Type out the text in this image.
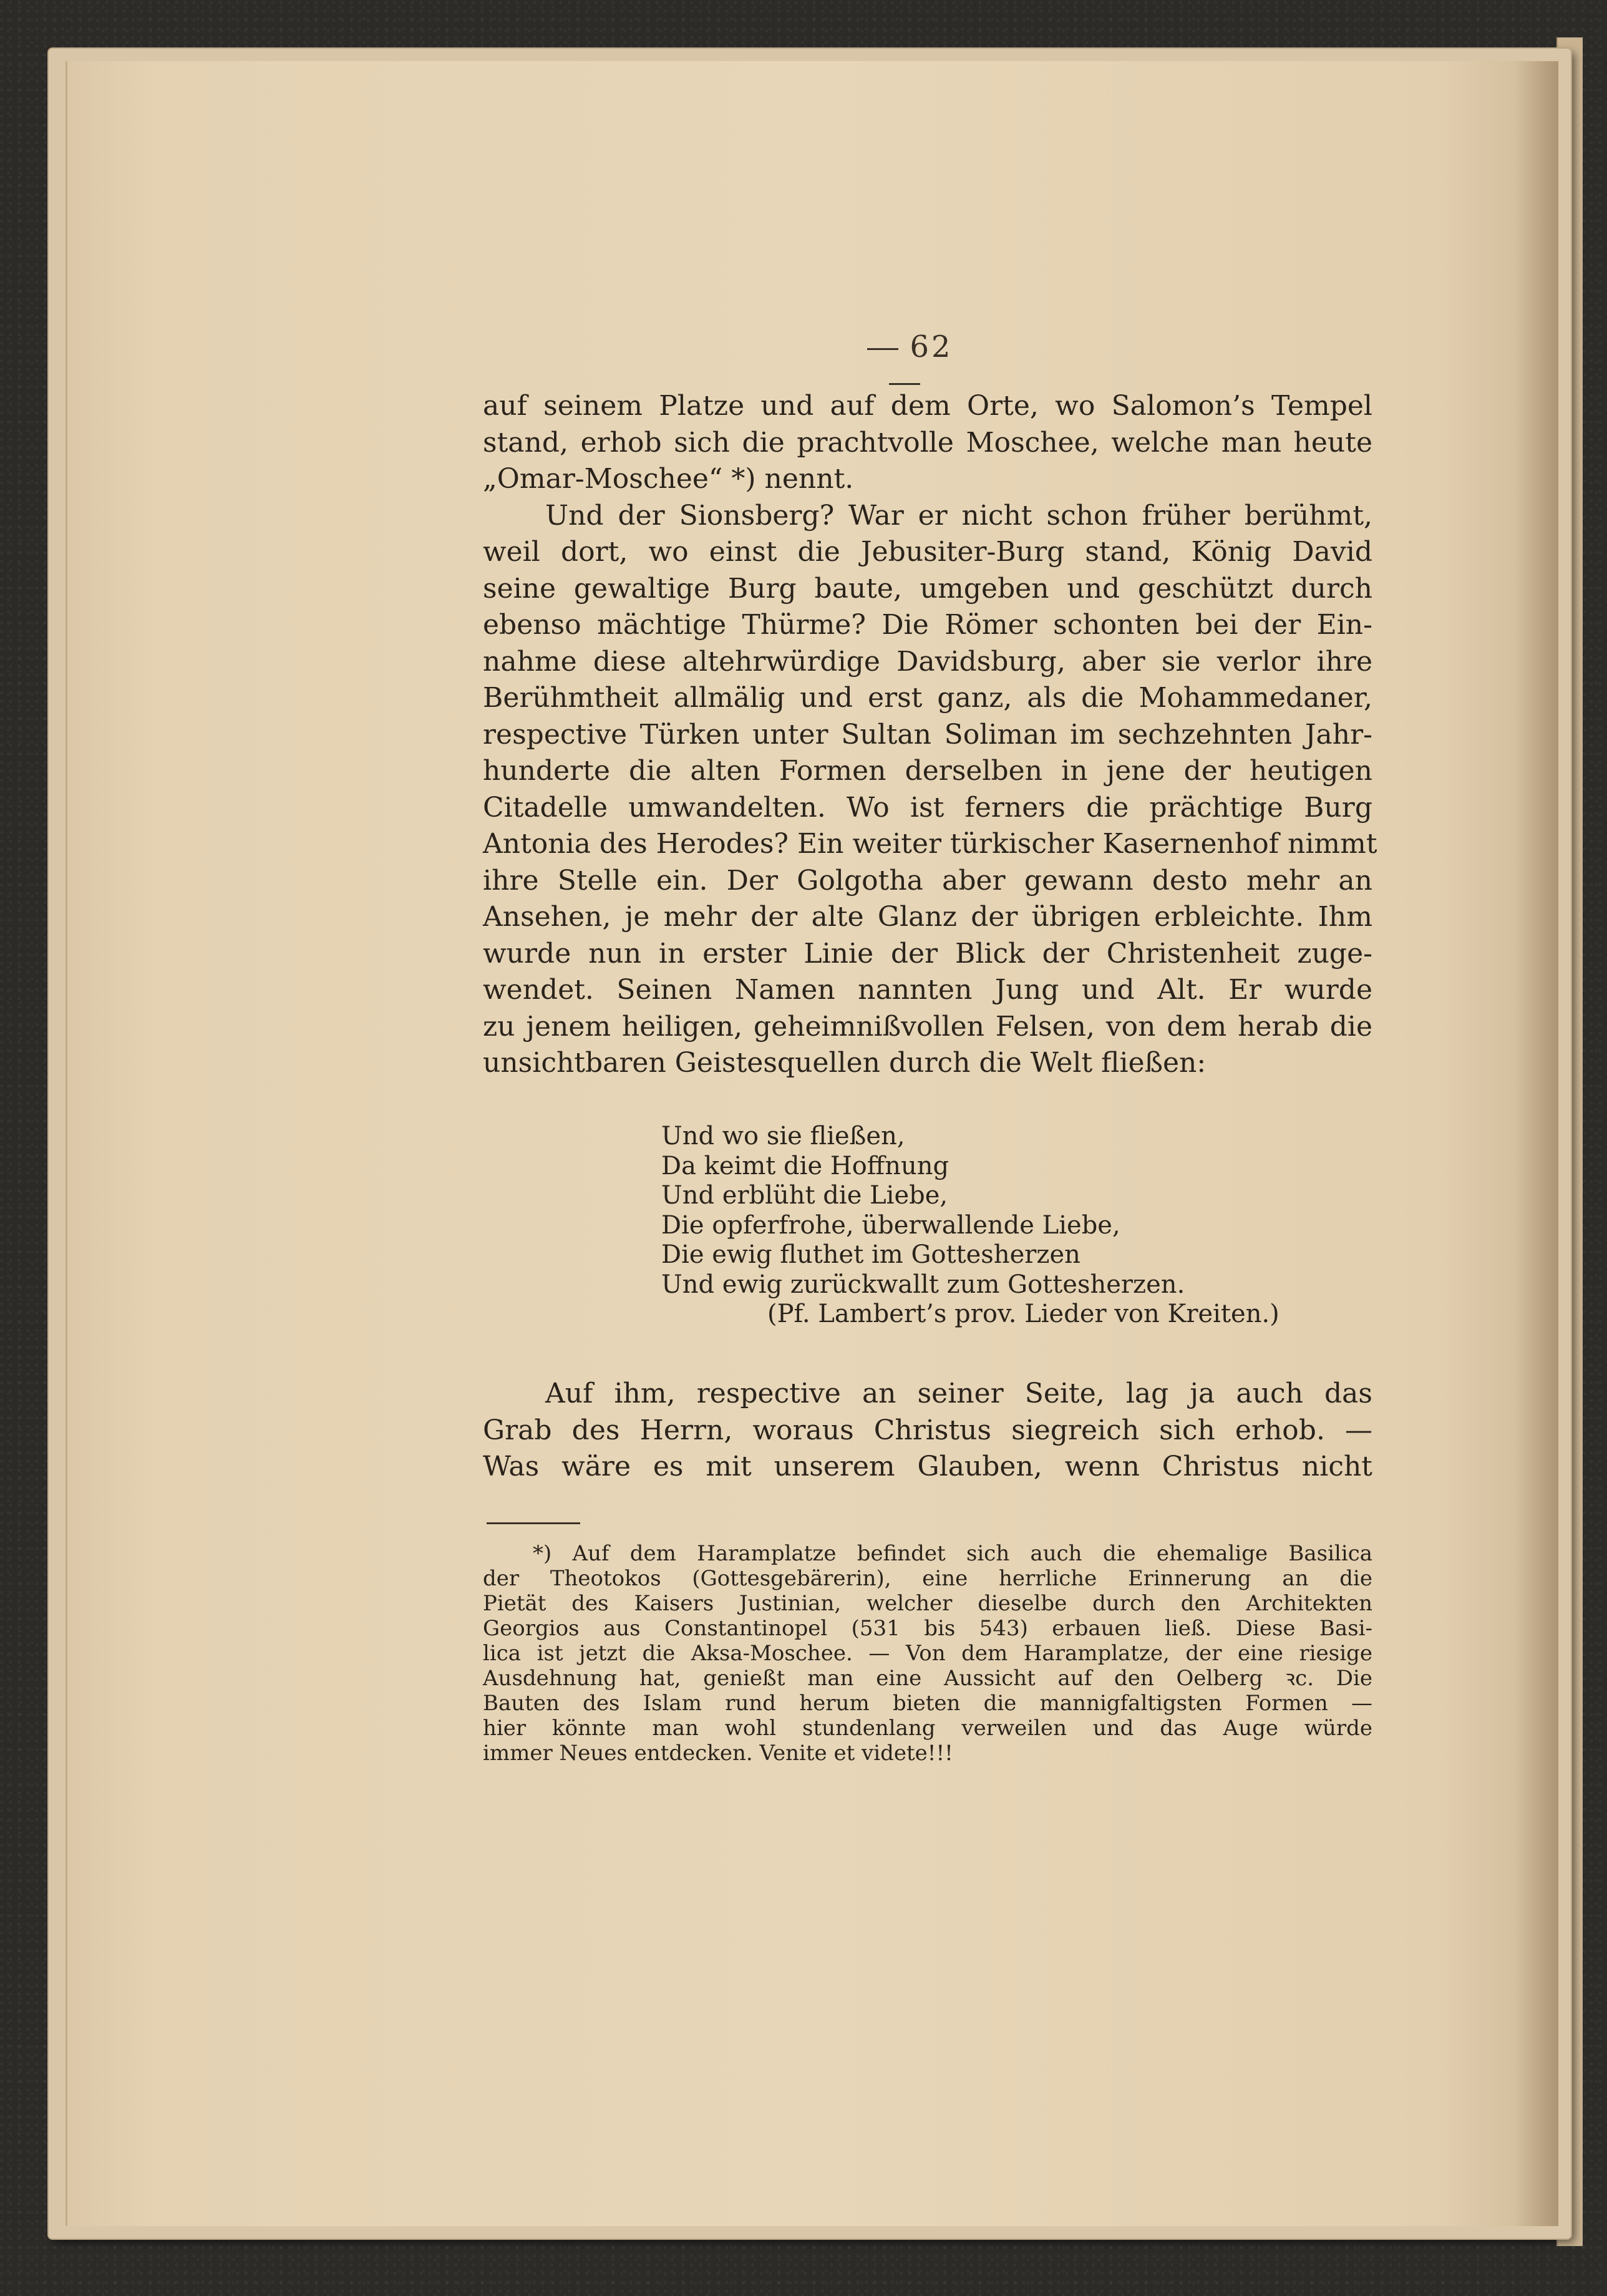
62
auf seinem Platze und auf dem Orte, wo Salomon’s Tempel
stand, erhob sich die prachtvolle Moschee, welche man heute
„Omar-Moschee“ *) nennt.
Und der Sionsberg? War er nicht schon früher berühmt,
weil dort, wo einst die Jebusiter-Burg stand, König David
seine gewaltige Burg baute, umgeben und geschützt durch
ebenso mächtige Thürme? Die Römer schonten bei der Ein-
nahme diese altehrwürdige Davidsburg, aber sie verlor ihre
Berühmtheit allmälig und erst ganz, als die Mohammedaner,
respective Türken unter Sultan Soliman im sechzehnten Jahr-
hunderte die alten Formen derselben in jene der heutigen
Citadelle umwandelten. Wo ist ferners die prächtige Burg
Antonia des Herodes? Ein weiter türkischer Kasernenhof nimmt
ihre Stelle ein. Der Golgotha aber gewann desto mehr an
Ansehen, je mehr der alte Glanz der übrigen erbleichte. Ihm
wurde nun in erster Linie der Blick der Christenheit zuge-
wendet. Seinen Namen nannten Jung und Alt. Er wurde
zu jenem heiligen, geheimnißvollen Felsen, von dem herab die
unsichtbaren Geistesquellen durch die Welt fließen:
Und wo sie fließen,
Da keimt die Hoffnung
Und erblüht die Liebe,
Die opferfrohe, überwallende Liebe,
Die ewig fluthet im Gottesherzen
Und ewig zurückwallt zum Gottesherzen.
(Pf. Lambert’s prov. Lieder von Kreiten.)
Auf ihm, respective an seiner Seite, lag ja auch das
Grab des Herrn, woraus Christus siegreich sich erhob. —
Was wäre es mit unserem Glauben, wenn Christus nicht
*) Auf dem Haramplatze befindet sich auch die ehemalige Basilica
der Theotokos (Gottesgebärerin), eine herrliche Erinnerung an die
Pietät des Kaisers Justinian, welcher dieselbe durch den Architekten
Georgios aus Constantinopel (531 bis 543) erbauen ließ. Diese Basi-
lica ist jetzt die Aksa-Moschee. — Von dem Haramplatze, der eine riesige
Ausdehnung hat, genießt man eine Aussicht auf den Oelberg ꝛc. Die
Bauten des Islam rund herum bieten die mannigfaltigsten Formen —
hier könnte man wohl stundenlang verweilen und das Auge würde
immer Neues entdecken. Venite et videte!!!
